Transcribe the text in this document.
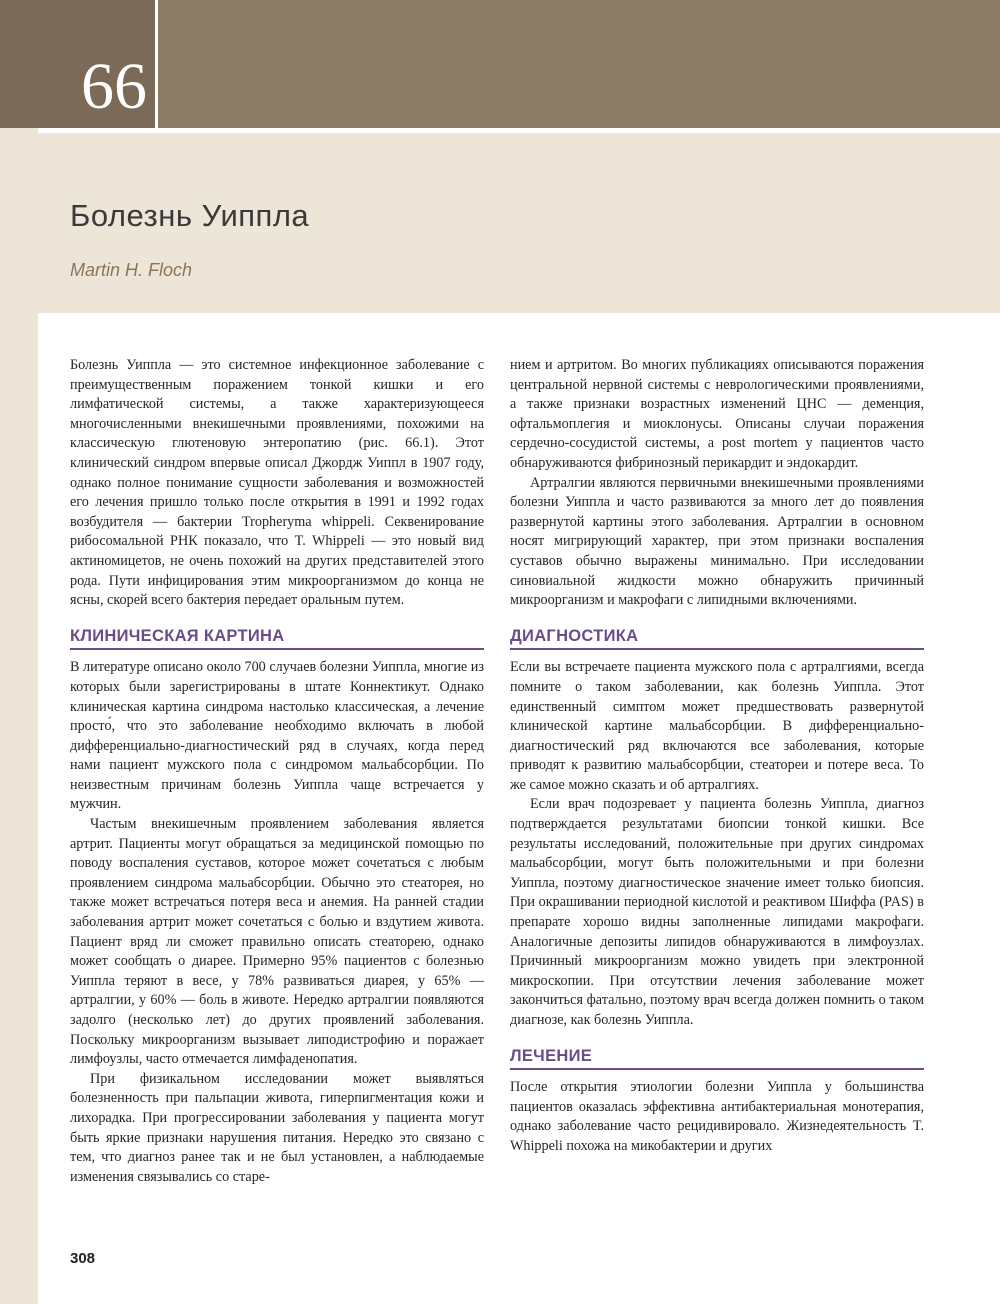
66
Болезнь Уиппла
Martin H. Floch

Болезнь Уиппла — это системное инфекционное заболевание с преимущественным поражением тонкой кишки и его лимфатической системы, а также характеризующееся многочисленными внекишечными проявлениями, похожими на классическую глютеновую энтеропатию (рис. 66.1). Этот клинический синдром впервые описал Джордж Уиппл в 1907 году, однако полное понимание сущности заболевания и возможностей его лечения пришло только после открытия в 1991 и 1992 годах возбудителя — бактерии Tropheryma whippeli. Секвенирование рибосомальной РНК показало, что T. Whippeli — это новый вид актиномицетов, не очень похожий на других представителей этого рода. Пути инфицирования этим микроорганизмом до конца не ясны, скорей всего бактерия передает оральным путем.

КЛИНИЧЕСКАЯ КАРТИНА

В литературе описано около 700 случаев болезни Уиппла, многие из которых были зарегистрированы в штате Коннектикут. Однако клиническая картина синдрома настолько классическая, а лечение просто́, что это заболевание необходимо включать в любой дифференциально-диагностический ряд в случаях, когда перед нами пациент мужского пола с синдромом мальабсорбции. По неизвестным причинам болезнь Уиппла чаще встречается у мужчин.

Частым внекишечным проявлением заболевания является артрит. Пациенты могут обращаться за медицинской помощью по поводу воспаления суставов, которое может сочетаться с любым проявлением синдрома мальабсорбции. Обычно это стеаторея, но также может встречаться потеря веса и анемия. На ранней стадии заболевания артрит может сочетаться с болью и вздутием живота. Пациент вряд ли сможет правильно описать стеаторею, однако может сообщать о диарее. Примерно 95% пациентов с болезнью Уиппла теряют в весе, у 78% развиваться диарея, у 65% — артралгии, у 60% — боль в животе. Нередко артралгии появляются задолго (несколько лет) до других проявлений заболевания. Поскольку микроорганизм вызывает липодистрофию и поражает лимфоузлы, часто отмечается лимфаденопатия.

При физикальном исследовании может выявляться болезненность при пальпации живота, гиперпигментация кожи и лихорадка. При прогрессировании заболевания у пациента могут быть яркие признаки нарушения питания. Нередко это связано с тем, что диагноз ранее так и не был установлен, а наблюдаемые изменения связывались со старе-

нием и артритом. Во многих публикациях описываются поражения центральной нервной системы с неврологическими проявлениями, а также признаки возрастных изменений ЦНС — деменция, офтальмоплегия и миоклонусы. Описаны случаи поражения сердечно-сосудистой системы, а post mortem у пациентов часто обнаруживаются фибринозный перикардит и эндокардит.

Артралгии являются первичными внекишечными проявлениями болезни Уиппла и часто развиваются за много лет до появления развернутой картины этого заболевания. Артралгии в основном носят мигрирующий характер, при этом признаки воспаления суставов обычно выражены минимально. При исследовании синовиальной жидкости можно обнаружить причинный микроорганизм и макрофаги с липидными включениями.

ДИАГНОСТИКА

Если вы встречаете пациента мужского пола с артралгиями, всегда помните о таком заболевании, как болезнь Уиппла. Этот единственный симптом может предшествовать развернутой клинической картине мальабсорбции. В дифференциально-диагностический ряд включаются все заболевания, которые приводят к развитию мальабсорбции, стеатореи и потере веса. То же самое можно сказать и об артралгиях.

Если врач подозревает у пациента болезнь Уиппла, диагноз подтверждается результатами биопсии тонкой кишки. Все результаты исследований, положительные при других синдромах мальабсорбции, могут быть положительными и при болезни Уиппла, поэтому диагностическое значение имеет только биопсия. При окрашивании периодной кислотой и реактивом Шиффа (PAS) в препарате хорошо видны заполненные липидами макрофаги. Аналогичные депозиты липидов обнаруживаются в лимфоузлах. Причинный микроорганизм можно увидеть при электронной микроскопии. При отсутствии лечения заболевание может закончиться фатально, поэтому врач всегда должен помнить о таком диагнозе, как болезнь Уиппла.

ЛЕЧЕНИЕ

После открытия этиологии болезни Уиппла у большинства пациентов оказалась эффективна антибактериальная монотерапия, однако заболевание часто рецидивировало. Жизнедеятельность T. Whippeli похожа на микобактерии и других

308
